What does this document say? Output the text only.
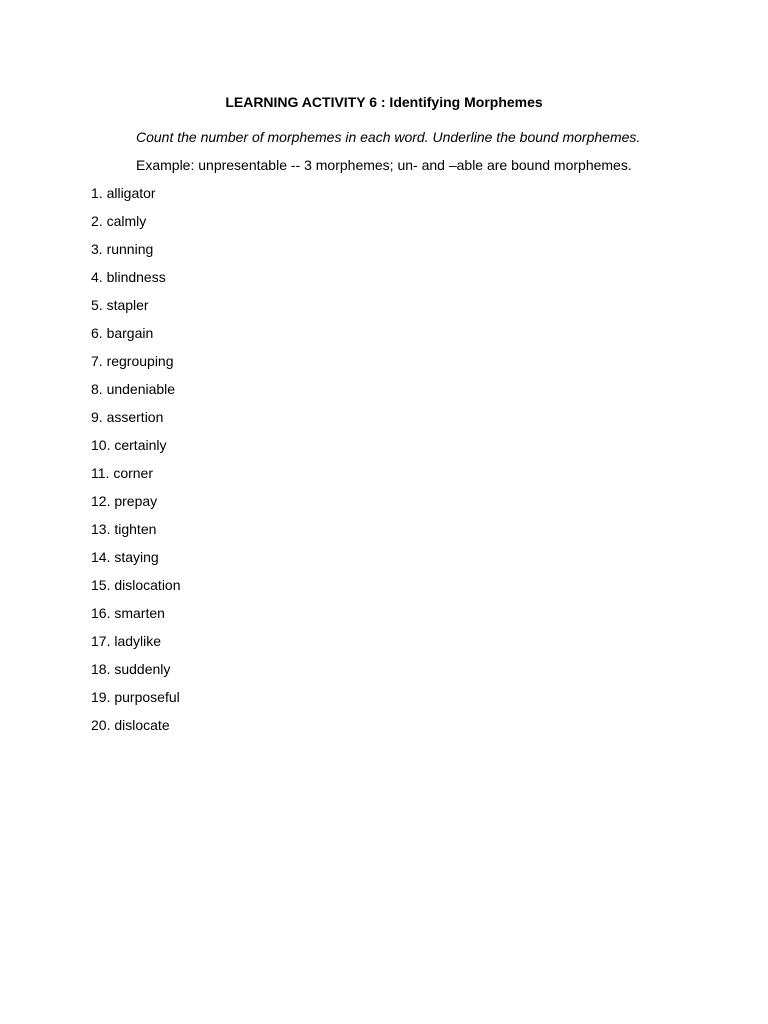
LEARNING ACTIVITY 6 : Identifying Morphemes
Count the number of morphemes in each word. Underline the bound morphemes.
Example: unpresentable -- 3 morphemes; un- and –able are bound morphemes.
1. alligator
2. calmly
3. running
4. blindness
5. stapler
6. bargain
7. regrouping
8. undeniable
9. assertion
10. certainly
11. corner
12. prepay
13. tighten
14. staying
15. dislocation
16. smarten
17. ladylike
18. suddenly
19. purposeful
20. dislocate
